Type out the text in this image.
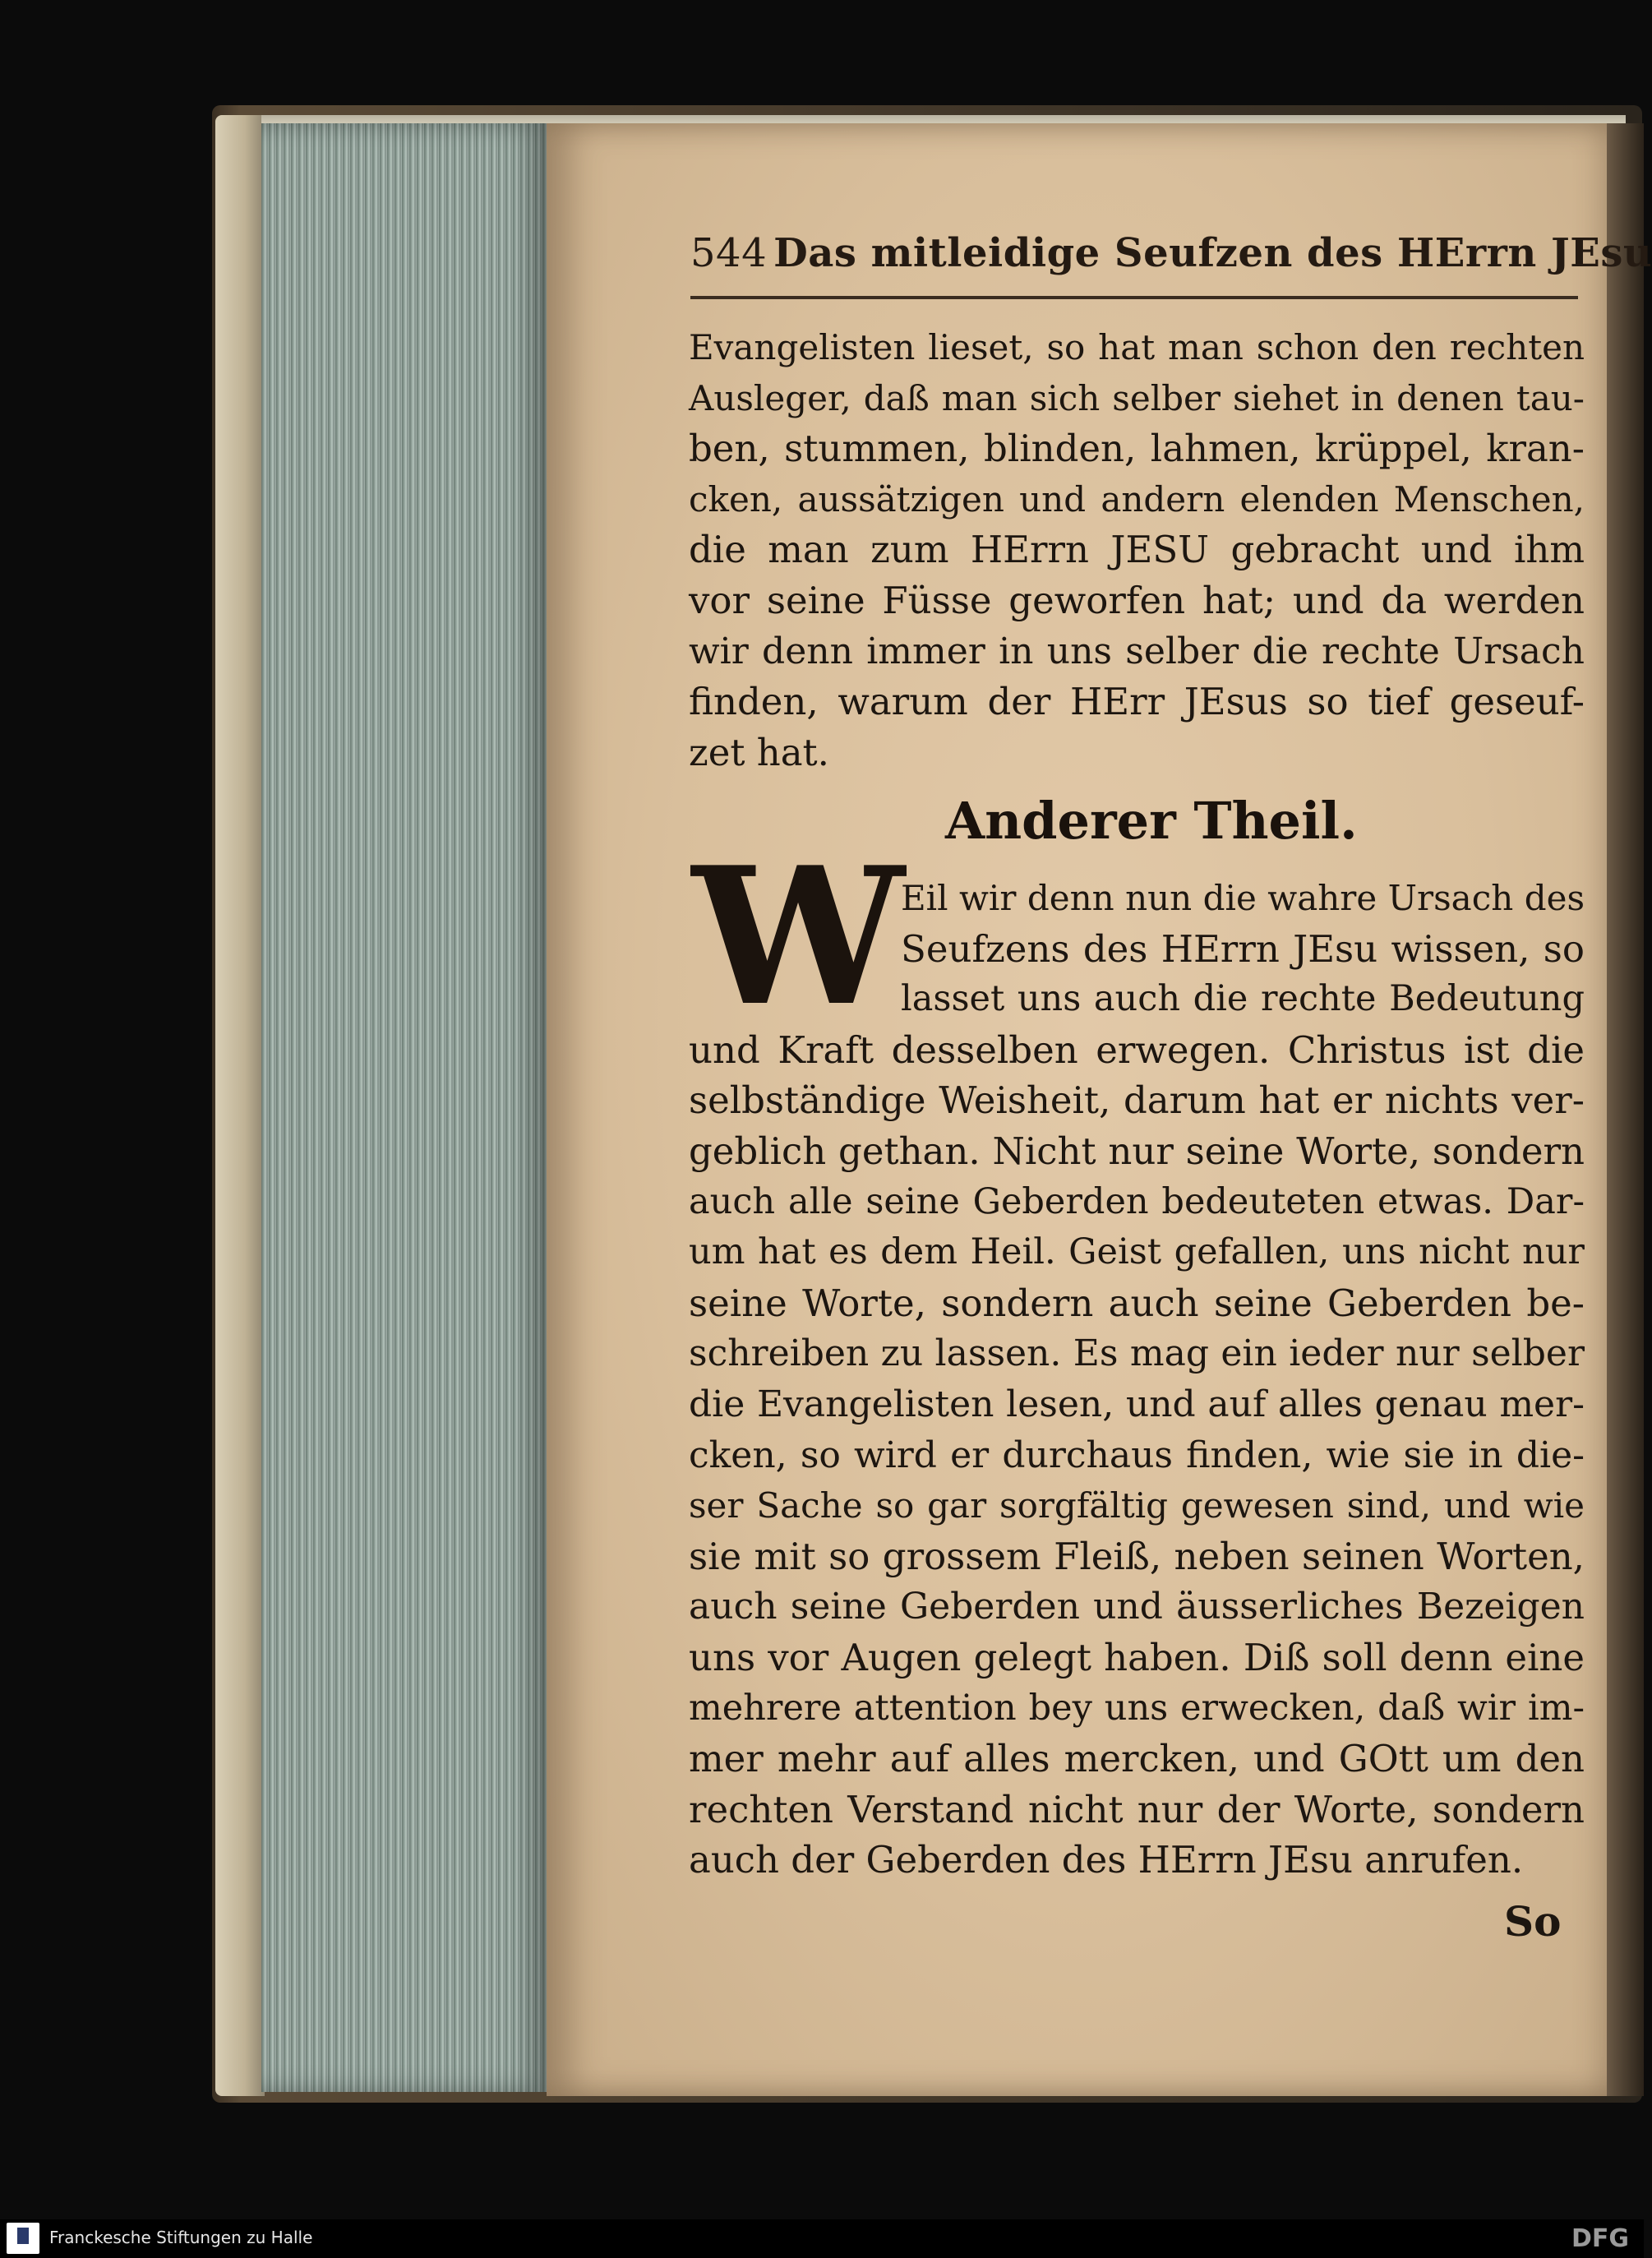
544 Das mitleidige Seufzen des HErrn JEsu
Evangelisten lieset, so hat man schon den rechten
Ausleger, daß man sich selber siehet in denen tau-
ben, stummen, blinden, lahmen, krüppel, kran-
cken, aussätzigen und andern elenden Menschen,
die man zum HErrn JESU gebracht und ihm
vor seine Füsse geworfen hat; und da werden
wir denn immer in uns selber die rechte Ursach
finden, warum der HErr JEsus so tief geseuf-
zet hat.
Anderer Theil.
W
Eil wir denn nun die wahre Ursach des
Seufzens des HErrn JEsu wissen, so
lasset uns auch die rechte Bedeutung
und Kraft desselben erwegen. Christus ist die
selbständige Weisheit, darum hat er nichts ver-
geblich gethan. Nicht nur seine Worte, sondern
auch alle seine Geberden bedeuteten etwas. Dar-
um hat es dem Heil. Geist gefallen, uns nicht nur
seine Worte, sondern auch seine Geberden be-
schreiben zu lassen. Es mag ein ieder nur selber
die Evangelisten lesen, und auf alles genau mer-
cken, so wird er durchaus finden, wie sie in die-
ser Sache so gar sorgfältig gewesen sind, und wie
sie mit so grossem Fleiß, neben seinen Worten,
auch seine Geberden und äusserliches Bezeigen
uns vor Augen gelegt haben. Diß soll denn eine
mehrere attention bey uns erwecken, daß wir im-
mer mehr auf alles mercken, und GOtt um den
rechten Verstand nicht nur der Worte, sondern
auch der Geberden des HErrn JEsu anrufen.
So
Franckesche Stiftungen zu Halle	DFG
